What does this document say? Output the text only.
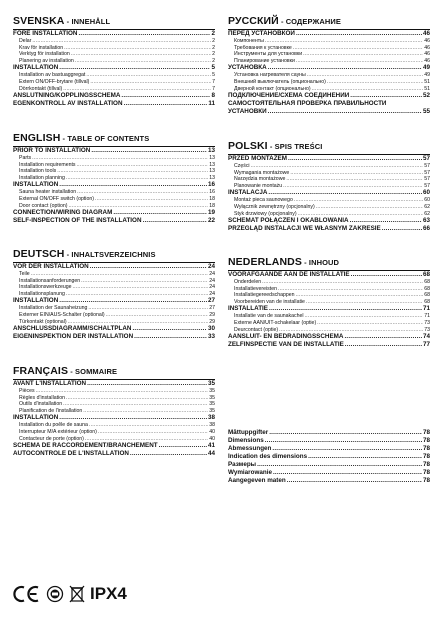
SVENSKA - INNEHÅLL
FÖRE INSTALLATION .....	2
Delar .....	2
Krav för installation .....	2
Verktyg för installation .....	2
Planering av installation .....	2
INSTALLATION .....	5
Installation av bastuaggregat .....	5
Extern ON/OFF-brytare (tillval) .....	7
Dörrkontakt (tillval) .....	7
ANSLUTNING/KOPPLINGSSCHEMA .....	8
EGENKONTROLL AV INSTALLATION .....	11
ENGLISH - TABLE OF CONTENTS
PRIOR TO INSTALLATION .....	13
Parts .....	13
Installation requirements .....	13
Installation tools .....	13
Installation planning .....	13
INSTALLATION .....	16
Sauna heater installation .....	16
External ON/OFF switch (option) .....	18
Door contact (option) .....	18
CONNECTION/WIRING DIAGRAM .....	19
SELF-INSPECTION OF THE INSTALLATION .....	22
DEUTSCH - INHALTSVERZEICHNIS
VOR DER INSTALLATION .....	24
Teile .....	24
Installationsanforderungen .....	24
Installationswerkzeuge .....	24
Installationsplanung .....	24
INSTALLATION .....	27
Installation der Saunaheizung .....	27
Externer EIN/AUS-Schalter (optional) .....	29
Türkontakt (optional) .....	29
ANSCHLUSSDIAGRAMM/SCHALTPLAN .....	30
EIGENINSPEKTION DER INSTALLATION .....	33
FRANÇAIS - SOMMAIRE
AVANT L'INSTALLATION .....	35
Pièces .....	35
Règles d'installation .....	35
Outils d'installation .....	35
Planification de l'installation .....	35
INSTALLATION .....	38
Installation du poêle de sauna .....	38
Interrupteur M/A extérieur (option) .....	40
Contacteur de porte (option) .....	40
SCHÉMA DE RACCORDEMENT/BRANCHEMENT .....	41
AUTOCONTRÔLE DE L'INSTALLATION .....	44
РУССКИЙ - СОДЕРЖАНИЕ
ПЕРЕД УСТАНОВКОЙ .....	46
Компоненты .....	46
Требования к установке .....	46
Инструменты для установки .....	46
Планирование установки .....	46
УСТАНОВКА .....	49
Установка нагревателя сауны .....	49
Внешний выключатель (опционально) .....	51
Дверной контакт (опционально) .....	51
ПОДКЛЮЧЕНИЕ/СХЕМА СОЕДИНЕНИЙ .....	52
САМОСТОЯТЕЛЬНАЯ ПРОВЕРКА ПРАВИЛЬНОСТИ
УСТАНОВКИ .....	55
POLSKI - SPIS TREŚCI
PRZED MONTAŻEM .....	57
Części .....	57
Wymagania montażowe .....	57
Narzędzia montażowe .....	57
Planowanie montażu .....	57
INSTALACJA .....	60
Montaż pieca saunowego .....	60
Wyłącznik zewnętrzny (opcjonalny) .....	62
Styk drzwiowy (opcjonalny) .....	62
SCHEMAT POŁĄCZEŃ I OKABLOWANIA .....	63
PRZEGLĄD INSTALACJI WE WŁASNYM ZAKRESIE .....	66
NEDERLANDS - INHOUD
VOORAFGAANDE AAN DE INSTALLATIE .....	68
Onderdelen .....	68
Installatievereisten .....	68
Installatiegereedschappen .....	68
Voorbereiden van de installatie .....	68
INSTALLATIE .....	71
Installatie van de saunakachel .....	71
Externe AAN/UIT-schakelaar (optie) .....	73
Deurcontact (optie) .....	73
AANSLUIT- EN BEDRADINGSSCHEMA .....	74
ZELFINSPECTIE VAN DE INSTALLATIE .....	77
Måttuppgifter .....	78
Dimensions .....	78
Abmessungen .....	78
Indication des dimensions .....	78
Размеры .....	78
Wymiarowanie .....	78
Aangegeven maten .....	78
IPX4
C
